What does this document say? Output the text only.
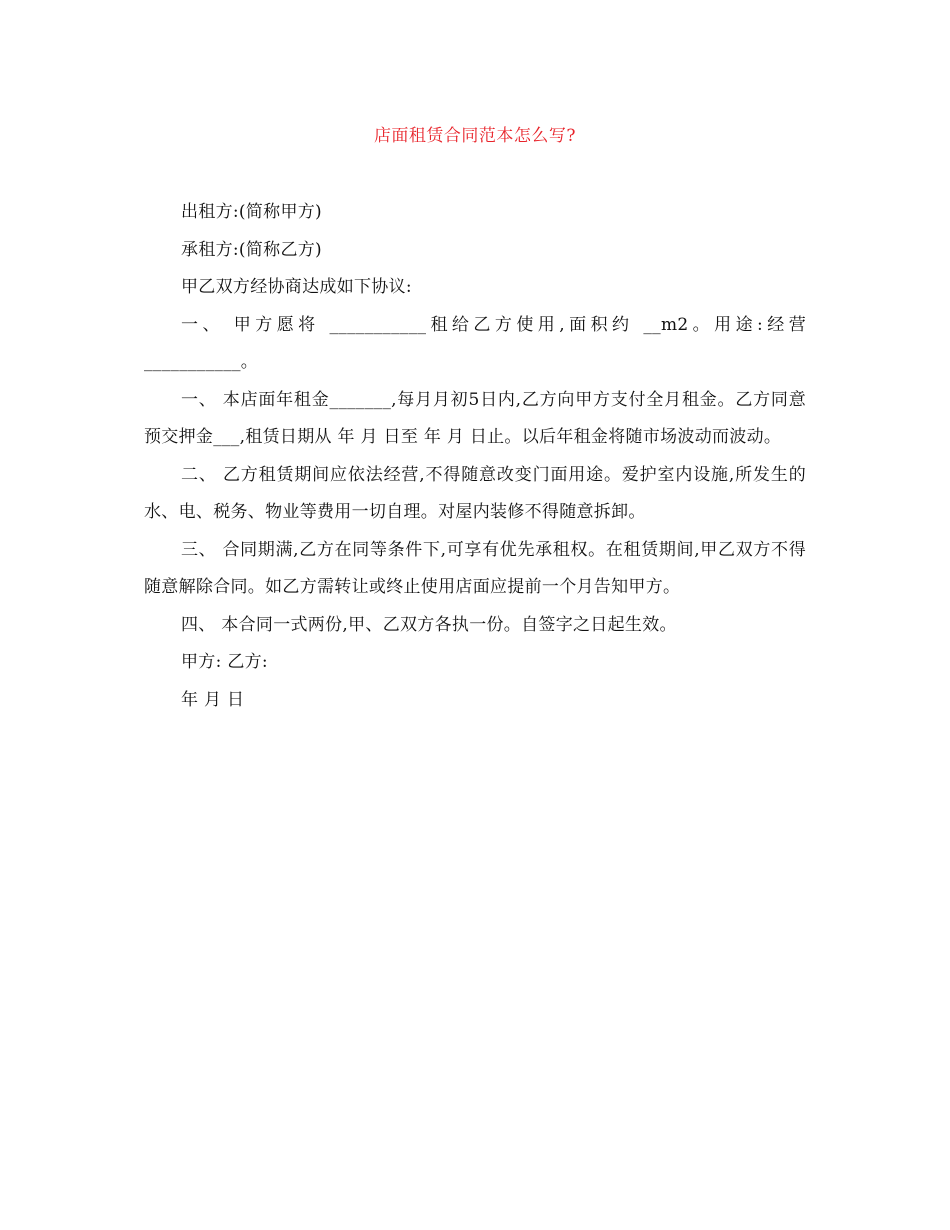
店面租赁合同范本怎么写?

出租方:(简称甲方)

承租方:(简称乙方)

甲乙双方经协商达成如下协议:

一、 甲方愿将 ___________租给乙方使用,面积约 __m2。用途:经营 ___________。

一、 本店面年租金_______,每月月初5日内,乙方向甲方支付全月租金。乙方同意预交押金___,租赁日期从 年 月 日至 年 月 日止。以后年租金将随市场波动而波动。

二、 乙方租赁期间应依法经营,不得随意改变门面用途。爱护室内设施,所发生的水、电、税务、物业等费用一切自理。对屋内装修不得随意拆卸。

三、 合同期满,乙方在同等条件下,可享有优先承租权。在租赁期间,甲乙双方不得随意解除合同。如乙方需转让或终止使用店面应提前一个月告知甲方。

四、 本合同一式两份,甲、乙双方各执一份。自签字之日起生效。

甲方: 乙方:

年 月 日
